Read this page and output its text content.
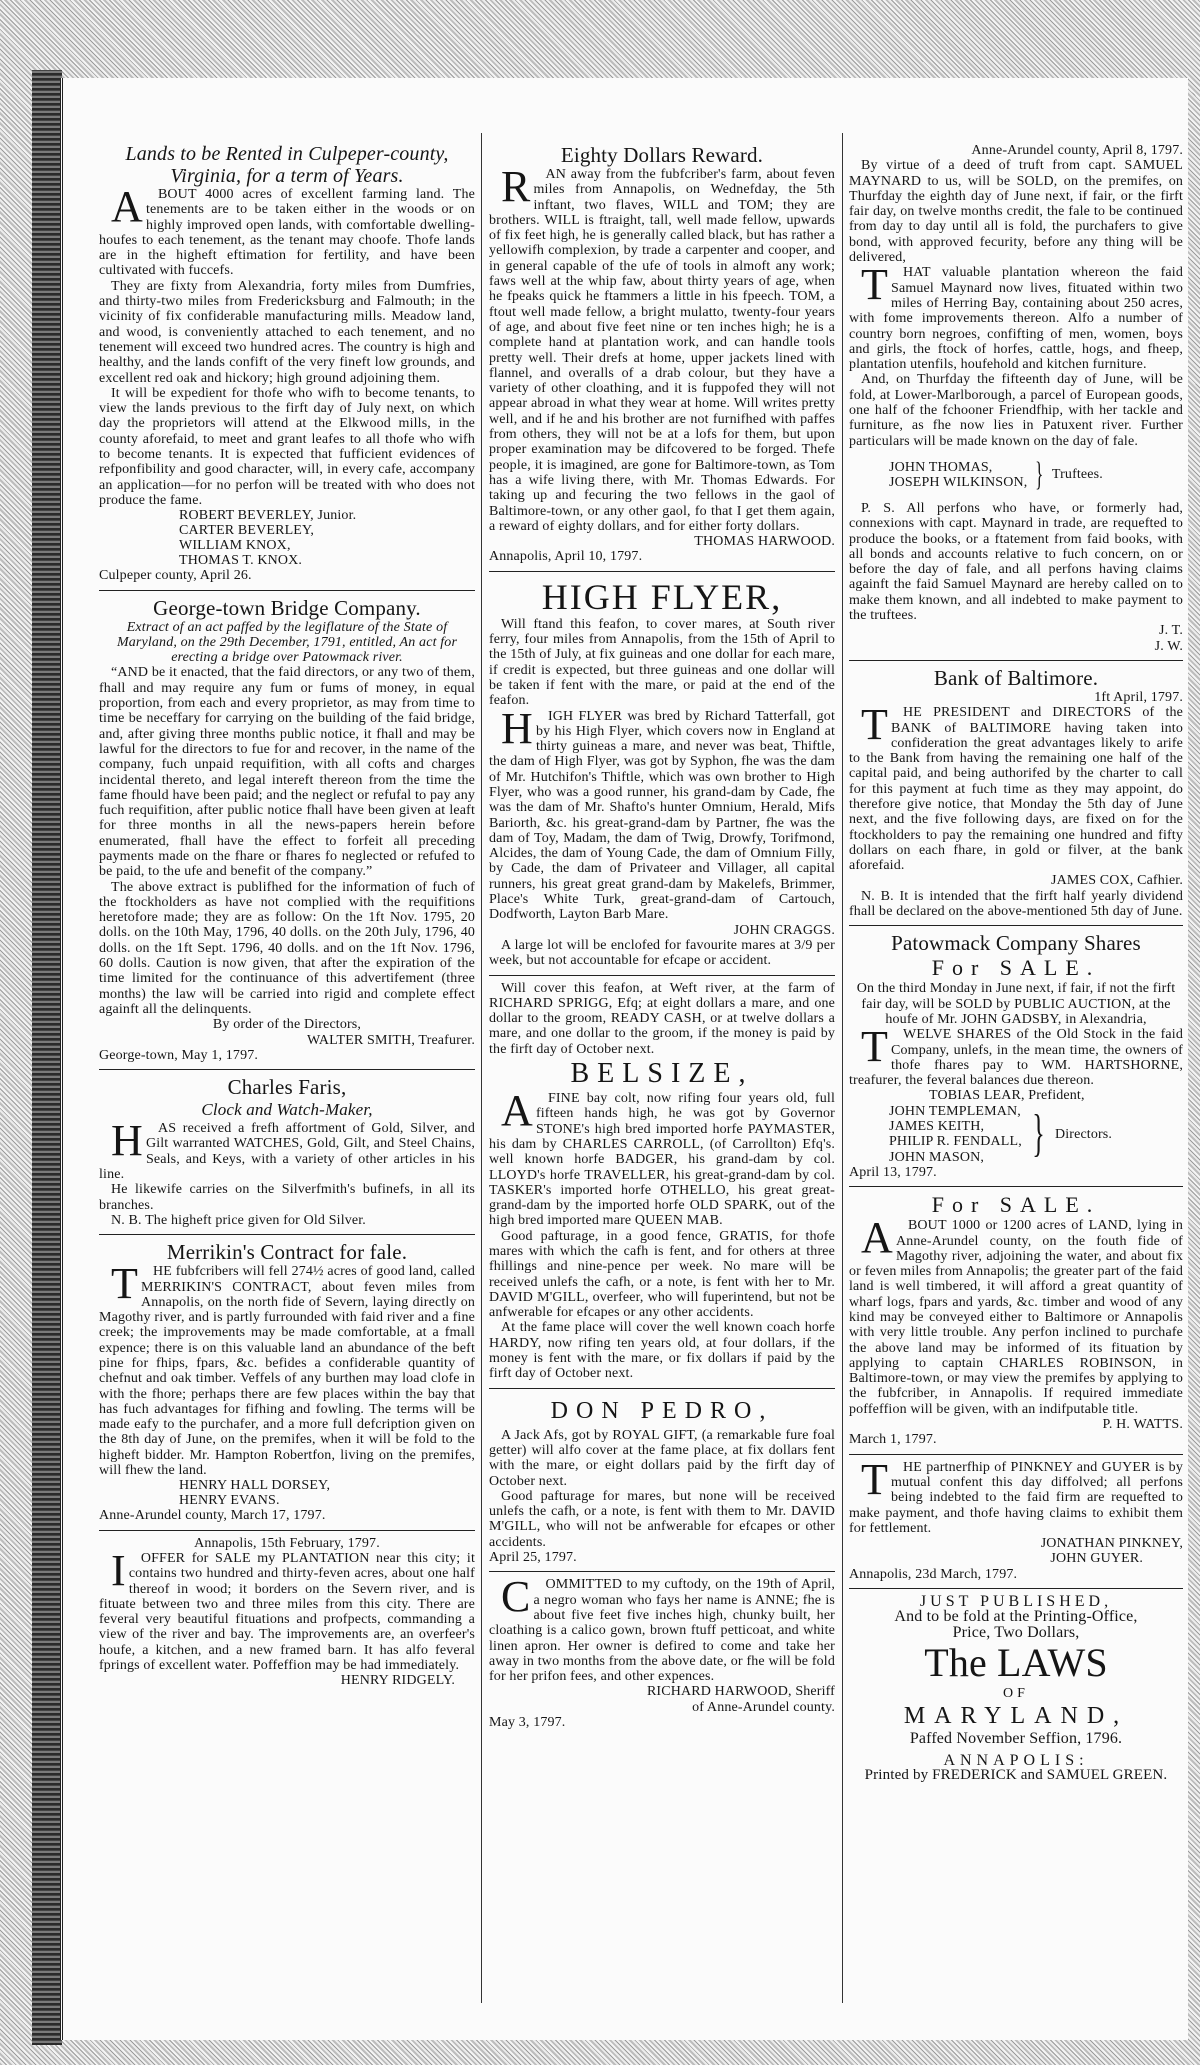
Lands to be Rented in Culpeper-county, Virginia, for a term of Years.

ABOUT 4000 acres of excellent farming land. The tenements are to be taken either in the woods or on highly improved open lands, with comfortable dwelling-houfes to each tenement, as the tenant may choofe. Thofe lands are in the higheft eftimation for fertility, and have been cultivated with fuccefs.

They are fixty from Alexandria, forty miles from Dumfries, and thirty-two miles from Fredericksburg and Falmouth; in the vicinity of fix confiderable manufacturing mills. Meadow land, and wood, is conveniently attached to each tenement, and no tenement will exceed two hundred acres. The country is high and healthy, and the lands confift of the very fineft low grounds, and excellent red oak and hickory; high ground adjoining them.

It will be expedient for thofe who wifh to become tenants, to view the lands previous to the firft day of July next, on which day the proprietors will attend at the Elkwood mills, in the county aforefaid, to meet and grant leafes to all thofe who wifh to become tenants. It is expected that fufficient evidences of refponfibility and good character, will, in every cafe, accompany an application—for no perfon will be treated with who does not produce the fame.

ROBERT BEVERLEY, Junior.
CARTER BEVERLEY,
WILLIAM KNOX,
THOMAS T. KNOX.
Culpeper county, April 26.
George-town Bridge Company.
Extract of an act paffed by the legiflature of the State of Maryland, on the 29th December, 1791, entitled, An act for erecting a bridge over Patowmack river.

“AND be it enacted, that the faid directors, or any two of them, fhall and may require any fum or fums of money, in equal proportion, from each and every proprietor, as may from time to time be neceffary for carrying on the building of the faid bridge, and, after giving three months public notice, it fhall and may be lawful for the directors to fue for and recover, in the name of the company, fuch unpaid requifition, with all cofts and charges incidental thereto, and legal intereft thereon from the time the fame fhould have been paid; and the neglect or refufal to pay any fuch requifition, after public notice fhall have been given at leaft for three months in all the news-papers herein before enumerated, fhall have the effect to forfeit all preceding payments made on the fhare or fhares fo neglected or refufed to be paid, to the ufe and benefit of the company.”

The above extract is publifhed for the information of fuch of the ftockholders as have not complied with the requifitions heretofore made; they are as follow: On the 1ft Nov. 1795, 20 dolls. on the 10th May, 1796, 40 dolls. on the 20th July, 1796, 40 dolls. on the 1ft Sept. 1796, 40 dolls. and on the 1ft Nov. 1796, 60 dolls. Caution is now given, that after the expiration of the time limited for the continuance of this advertifement (three months) the law will be carried into rigid and complete effect againft all the delinquents.

By order of the Directors,
WALTER SMITH, Treafurer.
George-town, May 1, 1797.
Charles Faris,
Clock and Watch-Maker,

HAS received a frefh affortment of Gold, Silver, and Gilt warranted WATCHES, Gold, Gilt, and Steel Chains, Seals, and Keys, with a variety of other articles in his line.

He likewife carries on the Silverfmith's bufinefs, in all its branches.

N. B. The higheft price given for Old Silver.

Merrikin's Contract for fale.

THE fubfcribers will fell 274½ acres of good land, called MERRIKIN'S CONTRACT, about feven miles from Annapolis, on the north fide of Severn, laying directly on Magothy river, and is partly furrounded with faid river and a fine creek; the improvements may be made comfortable, at a fmall expence; there is on this valuable land an abundance of the beft pine for fhips, fpars, &c. befides a confiderable quantity of chefnut and oak timber. Veffels of any burthen may load clofe in with the fhore; perhaps there are few places within the bay that has fuch advantages for fifhing and fowling. The terms will be made eafy to the purchafer, and a more full defcription given on the 8th day of June, on the premifes, when it will be fold to the higheft bidder. Mr. Hampton Robertfon, living on the premifes, will fhew the land.

HENRY HALL DORSEY,
HENRY EVANS.
Anne-Arundel county, March 17, 1797.
Annapolis, 15th February, 1797.

IOFFER for SALE my PLANTATION near this city; it contains two hundred and thirty-feven acres, about one half thereof in wood; it borders on the Severn river, and is fituate between two and three miles from this city. There are feveral very beautiful fituations and profpects, commanding a view of the river and bay. The improvements are, an overfeer's houfe, a kitchen, and a new framed barn. It has alfo feveral fprings of excellent water. Poffeffion may be had immediately.

HENRY RIDGELY.
Eighty Dollars Reward.

RAN away from the fubfcriber's farm, about feven miles from Annapolis, on Wednefday, the 5th inftant, two flaves, WILL and TOM; they are brothers. WILL is ftraight, tall, well made fellow, upwards of fix feet high, he is generally called black, but has rather a yellowifh complexion, by trade a carpenter and cooper, and in general capable of the ufe of tools in almoft any work; faws well at the whip faw, about thirty years of age, when he fpeaks quick he ftammers a little in his fpeech. TOM, a ftout well made fellow, a bright mulatto, twenty-four years of age, and about five feet nine or ten inches high; he is a complete hand at plantation work, and can handle tools pretty well. Their drefs at home, upper jackets lined with flannel, and overalls of a drab colour, but they have a variety of other cloathing, and it is fuppofed they will not appear abroad in what they wear at home. Will writes pretty well, and if he and his brother are not furnifhed with paffes from others, they will not be at a lofs for them, but upon proper examination may be difcovered to be forged. Thefe people, it is imagined, are gone for Baltimore-town, as Tom has a wife living there, with Mr. Thomas Edwards. For taking up and fecuring the two fellows in the gaol of Baltimore-town, or any other gaol, fo that I get them again, a reward of eighty dollars, and for either forty dollars.

THOMAS HARWOOD.
Annapolis, April 10, 1797.
HIGH FLYER,

Will ftand this feafon, to cover mares, at South river ferry, four miles from Annapolis, from the 15th of April to the 15th of July, at fix guineas and one dollar for each mare, if credit is expected, but three guineas and one dollar will be taken if fent with the mare, or paid at the end of the feafon.

HIGH FLYER was bred by Richard Tatterfall, got by his High Flyer, which covers now in England at thirty guineas a mare, and never was beat, Thiftle, the dam of High Flyer, was got by Syphon, fhe was the dam of Mr. Hutchifon's Thiftle, which was own brother to High Flyer, who was a good runner, his grand-dam by Cade, fhe was the dam of Mr. Shafto's hunter Omnium, Herald, Mifs Bariorth, &c. his great-grand-dam by Partner, fhe was the dam of Toy, Madam, the dam of Twig, Drowfy, Torifmond, Alcides, the dam of Young Cade, the dam of Omnium Filly, by Cade, the dam of Privateer and Villager, all capital runners, his great great grand-dam by Makelefs, Brimmer, Place's White Turk, great-grand-dam of Cartouch, Dodfworth, Layton Barb Mare.

JOHN CRAGGS.

A large lot will be enclofed for favourite mares at 3/9 per week, but not accountable for efcape or accident.

Will cover this feafon, at Weft river, at the farm of RICHARD SPRIGG, Efq; at eight dollars a mare, and one dollar to the groom, READY CASH, or at twelve dollars a mare, and one dollar to the groom, if the money is paid by the firft day of October next.

BELSIZE,

AFINE bay colt, now rifing four years old, full fifteen hands high, he was got by Governor STONE's high bred imported horfe PAYMASTER, his dam by CHARLES CARROLL, (of Carrollton) Efq's. well known horfe BADGER, his grand-dam by col. LLOYD's horfe TRAVELLER, his great-grand-dam by col. TASKER's imported horfe OTHELLO, his great great-grand-dam by the imported horfe OLD SPARK, out of the high bred imported mare QUEEN MAB.

Good pafturage, in a good fence, GRATIS, for thofe mares with which the cafh is fent, and for others at three fhillings and nine-pence per week. No mare will be received unlefs the cafh, or a note, is fent with her to Mr. DAVID M'GILL, overfeer, who will fuperintend, but not be anfwerable for efcapes or any other accidents.

At the fame place will cover the well known coach horfe HARDY, now rifing ten years old, at four dollars, if the money is fent with the mare, or fix dollars if paid by the firft day of October next.

DON PEDRO,

A Jack Afs, got by ROYAL GIFT, (a remarkable fure foal getter) will alfo cover at the fame place, at fix dollars fent with the mare, or eight dollars paid by the firft day of October next.

Good pafturage for mares, but none will be received unlefs the cafh, or a note, is fent with them to Mr. DAVID M'GILL, who will not be anfwerable for efcapes or other accidents.

April 25, 1797.

COMMITTED to my cuftody, on the 19th of April, a negro woman who fays her name is ANNE; fhe is about five feet five inches high, chunky built, her cloathing is a calico gown, brown ftuff petticoat, and white linen apron. Her owner is defired to come and take her away in two months from the above date, or fhe will be fold for her prifon fees, and other expences.

RICHARD HARWOOD, Sheriff
of Anne-Arundel county.
May 3, 1797.
Anne-Arundel county, April 8, 1797.

By virtue of a deed of truft from capt. SAMUEL MAYNARD to us, will be SOLD, on the premifes, on Thurfday the eighth day of June next, if fair, or the firft fair day, on twelve months credit, the fale to be continued from day to day until all is fold, the purchafers to give bond, with approved fecurity, before any thing will be delivered,

THAT valuable plantation whereon the faid Samuel Maynard now lives, fituated within two miles of Herring Bay, containing about 250 acres, with fome improvements thereon. Alfo a number of country born negroes, confifting of men, women, boys and girls, the ftock of horfes, cattle, hogs, and fheep, plantation utenfils, houfehold and kitchen furniture.

And, on Thurfday the fifteenth day of June, will be fold, at Lower-Marlborough, a parcel of European goods, one half of the fchooner Friendfhip, with her tackle and furniture, as fhe now lies in Patuxent river. Further particulars will be made known on the day of fale.

JOHN THOMAS,
JOSEPH WILKINSON, } Truftees.

P. S. All perfons who have, or formerly had, connexions with capt. Maynard in trade, are requefted to produce the books, or a ftatement from faid books, with all bonds and accounts relative to fuch concern, on or before the day of fale, and all perfons having claims againft the faid Samuel Maynard are hereby called on to make them known, and all indebted to make payment to the truftees.

J. T.
J. W.
Bank of Baltimore.
1ft April, 1797.

THE PRESIDENT and DIRECTORS of the BANK of BALTIMORE having taken into confideration the great advantages likely to arife to the Bank from having the remaining one half of the capital paid, and being authorifed by the charter to call for this payment at fuch time as they may appoint, do therefore give notice, that Monday the 5th day of June next, and the five following days, are fixed on for the ftockholders to pay the remaining one hundred and fifty dollars on each fhare, in gold or filver, at the bank aforefaid.

JAMES COX, Cafhier.

N. B. It is intended that the firft half yearly dividend fhall be declared on the above-mentioned 5th day of June.

Patowmack Company Shares
For SALE.
On the third Monday in June next, if fair, if not the firft fair day, will be SOLD by PUBLIC AUCTION, at the houfe of Mr. JOHN GADSBY, in Alexandria,

TWELVE SHARES of the Old Stock in the faid Company, unlefs, in the mean time, the owners of thofe fhares pay to WM. HARTSHORNE, treafurer, the feveral balances due thereon.

TOBIAS LEAR, Prefident,
JOHN TEMPLEMAN,
JAMES KEITH,
PHILIP R. FENDALL,
JOHN MASON, } Directors.
April 13, 1797.
For SALE.

ABOUT 1000 or 1200 acres of LAND, lying in Anne-Arundel county, on the fouth fide of Magothy river, adjoining the water, and about fix or feven miles from Annapolis; the greater part of the faid land is well timbered, it will afford a great quantity of wharf logs, fpars and yards, &c. timber and wood of any kind may be conveyed either to Baltimore or Annapolis with very little trouble. Any perfon inclined to purchafe the above land may be informed of its fituation by applying to captain CHARLES ROBINSON, in Baltimore-town, or may view the premifes by applying to the fubfcriber, in Annapolis. If required immediate poffeffion will be given, with an indifputable title.

P. H. WATTS.
March 1, 1797.

THE partnerfhip of PINKNEY and GUYER is by mutual confent this day diffolved; all perfons being indebted to the faid firm are requefted to make payment, and thofe having claims to exhibit them for fettlement.

JONATHAN PINKNEY,
JOHN GUYER.
Annapolis, 23d March, 1797.
JUST PUBLISHED,
And to be fold at the Printing-Office,
Price, Two Dollars,
The LAWS
OF
MARYLAND,
Paffed November Seffion, 1796.
ANNAPOLIS:
Printed by FREDERICK and SAMUEL GREEN.
